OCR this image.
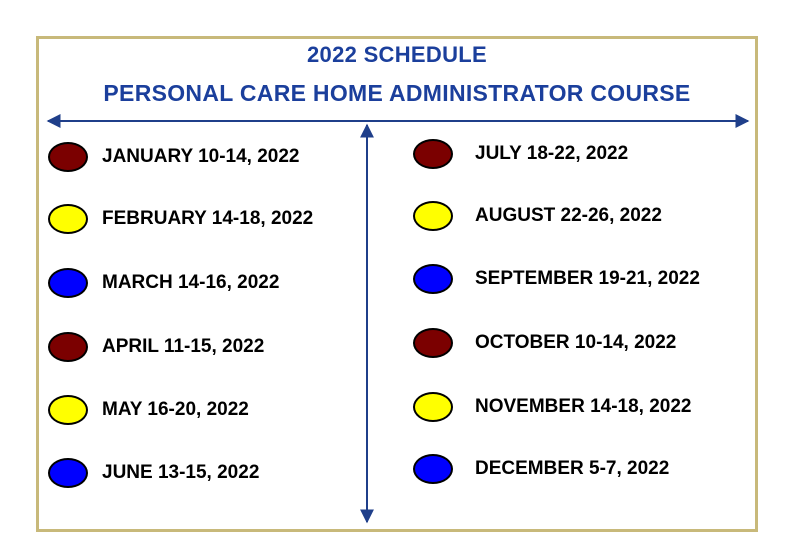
2022 SCHEDULE
PERSONAL CARE HOME ADMINISTRATOR COURSE
JANUARY 10-14, 2022
FEBRUARY 14-18, 2022
MARCH 14-16, 2022
APRIL 11-15, 2022
MAY 16-20, 2022
JUNE 13-15, 2022
JULY 18-22, 2022
AUGUST 22-26, 2022
SEPTEMBER 19-21, 2022
OCTOBER 10-14, 2022
NOVEMBER 14-18, 2022
DECEMBER 5-7, 2022
